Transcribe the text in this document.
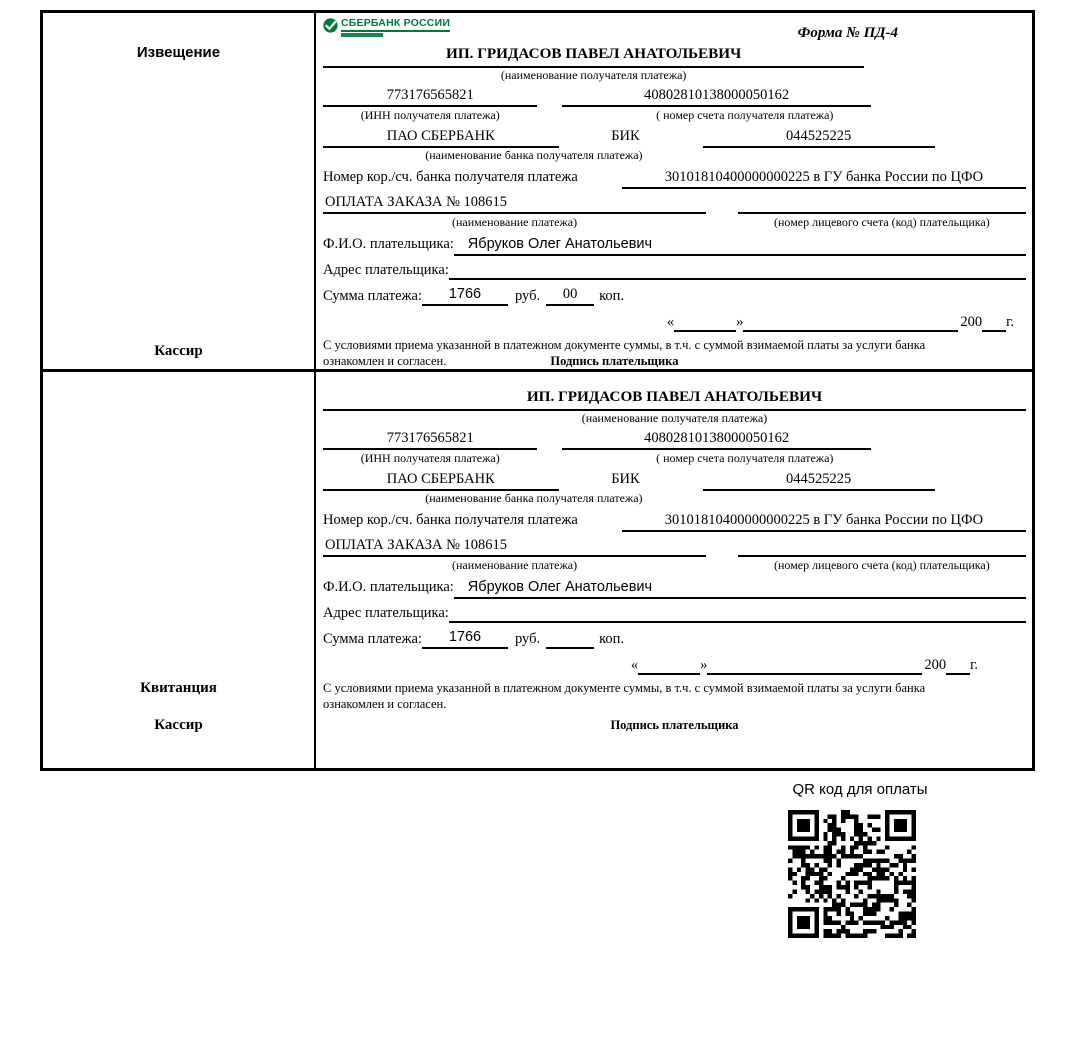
Извещение
Кассир
СБЕРБАНК РОССИИ
Форма № ПД-4
ИП. ГРИДАСОВ ПАВЕЛ АНАТОЛЬЕВИЧ
(наименование получателя платежа)
773176565821	40802810138000050162
(ИНН получателя платежа)	( номер счета получателя платежа)
ПАО СБЕРБАНК	БИК	044525225
(наименование банка получателя платежа)
Номер кор./сч. банка получателя платежа	30101810400000000225 в ГУ банка России по ЦФО
ОПЛАТА ЗАКАЗА № 108615
(наименование платежа)	(номер лицевого счета (код) плательщика)
Ф.И.О. плательщика: Ябруков Олег Анатольевич
Адрес плательщика:
Сумма платежа:	1766	руб.	00	коп.
«	»	200 г.
С условиями приема указанной в платежном документе суммы, в т.ч. с суммой взимаемой платы за услуги банка
ознакомлен и согласен.	Подпись плательщика
Квитанция
Кассир
ИП. ГРИДАСОВ ПАВЕЛ АНАТОЛЬЕВИЧ
(наименование получателя платежа)
773176565821	40802810138000050162
(ИНН получателя платежа)	( номер счета получателя платежа)
ПАО СБЕРБАНК	БИК	044525225
(наименование банка получателя платежа)
Номер кор./сч. банка получателя платежа	30101810400000000225 в ГУ банка России по ЦФО
ОПЛАТА ЗАКАЗА № 108615
(наименование платежа)	(номер лицевого счета (код) плательщика)
Ф.И.О. плательщика: Ябруков Олег Анатольевич
Адрес плательщика:
Сумма платежа:	1766	руб.	коп.
«	»	200 г.
С условиями приема указанной в платежном документе суммы, в т.ч. с суммой взимаемой платы за услуги банка
ознакомлен и согласен.
Подпись плательщика
QR код для оплаты
